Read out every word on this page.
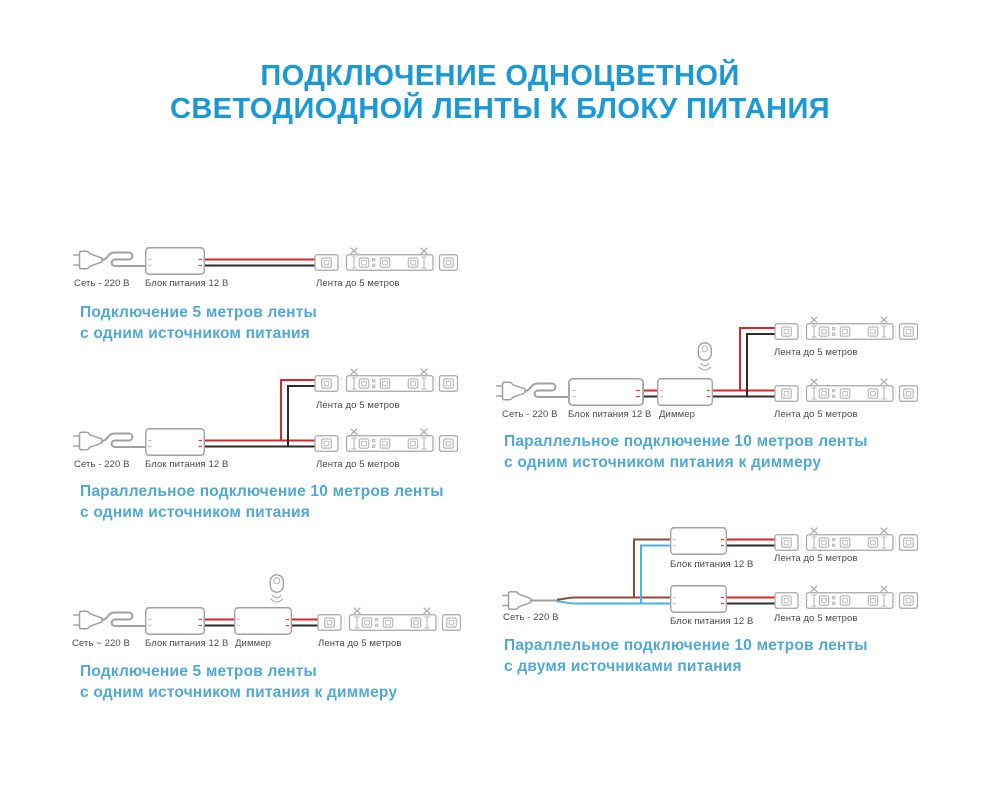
ПОДКЛЮЧЕНИЕ ОДНОЦВЕТНОЙ
СВЕТОДИОДНОЙ ЛЕНТЫ К БЛОКУ ПИТАНИЯ
Сеть - 220 В Блок питания 12 В	Лента до 5 метров
Лента до 5 метров
Сеть - 220 В Блок питания 12 В	Лента до 5 метров
Сеть ~ 220 В Блок питания 12 В Диммер	Лента до 5 метров
Лента до 5 метров
Сеть - 220 В Блок питания 12 В Диммер	Лента до 5 метров
Лента до 5 метров
Блок питания 12 В
Сеть - 220 В	Лента до 5 метров
Блок питания 12 В
Подключение 5 метров ленты
с одним источником питания
Параллельное подключение 10 метров ленты
с одним источником питания
Подключение 5 метров ленты
с одним источником питания к диммеру
Параллельное подключение 10 метров ленты
с одним источником питания к диммеру
Параллельное подключение 10 метров ленты
с двумя источниками питания
